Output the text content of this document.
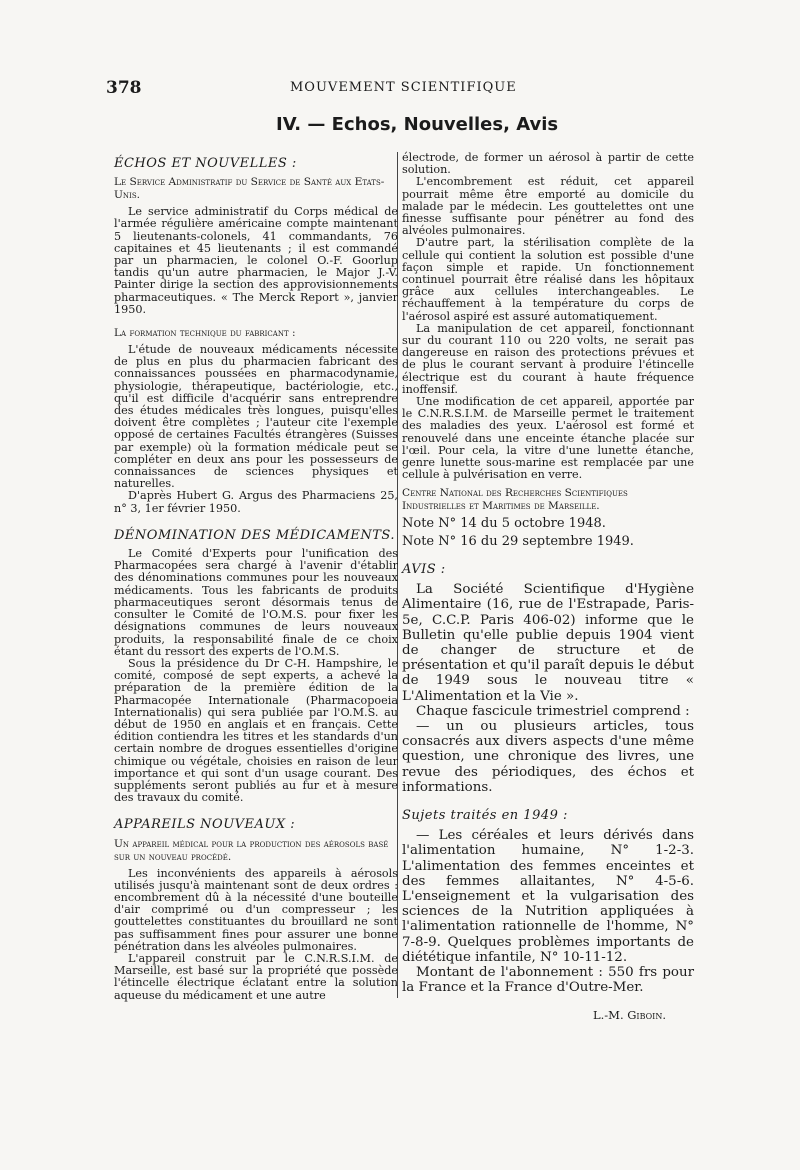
378	MOUVEMENT SCIENTIFIQUE
IV. — Echos, Nouvelles, Avis
ÉCHOS ET NOUVELLES :
Le Service Administratif du Service de Santé aux Etats-Unis.

Le service administratif du Corps médical de l'armée régulière américaine compte maintenant 5 lieutenants-colonels, 41 commandants, 76 capitaines et 45 lieutenants ; il est commandé par un pharmacien, le colonel O.-F. Goorlup tandis qu'un autre pharmacien, le Major J.-V. Painter dirige la section des approvisionnements pharmaceutiques. « The Merck Report », janvier 1950.

La formation technique du fabricant :

L'étude de nouveaux médicaments nécessite de plus en plus du pharmacien fabricant des connaissances poussées en pharmacodynamie, physiologie, thérapeutique, bactériologie, etc., qu'il est difficile d'acquérir sans entreprendre des études médicales très longues, puisqu'elles doivent être complètes ; l'auteur cite l'exemple opposé de certaines Facultés étrangères (Suisses par exemple) où la formation médicale peut se compléter en deux ans pour les possesseurs de connaissances de sciences physiques et naturelles.

D'après Hubert G. Argus des Pharmaciens 25, n° 3, 1er février 1950.

DÉNOMINATION DES MÉDICAMENTS.

Le Comité d'Experts pour l'unification des Pharmacopées sera chargé à l'avenir d'établir des dénominations communes pour les nouveaux médicaments. Tous les fabricants de produits pharmaceutiques seront désormais tenus de consulter le Comité de l'O.M.S. pour fixer les désignations communes de leurs nouveaux produits, la responsabilité finale de ce choix étant du ressort des experts de l'O.M.S.

Sous la présidence du Dr C-H. Hampshire, le comité, composé de sept experts, a achevé la préparation de la première édition de la Pharmacopée Internationale (Pharmacopoeia Internationalis) qui sera publiée par l'O.M.S. au début de 1950 en anglais et en français. Cette édition contiendra les titres et les standards d'un certain nombre de drogues essentielles d'origine chimique ou végétale, choisies en raison de leur importance et qui sont d'un usage courant. Des suppléments seront publiés au fur et à mesure des travaux du comité.

APPAREILS NOUVEAUX :
Un appareil médical pour la production des aérosols basé sur un nouveau procédé.

Les inconvénients des appareils à aérosols utilisés jusqu'à maintenant sont de deux ordres : encombrement dû à la nécessité d'une bouteille d'air comprimé ou d'un compresseur ; les gouttelettes constituantes du brouillard ne sont pas suffisamment fines pour assurer une bonne pénétration dans les alvéoles pulmonaires.

L'appareil construit par le C.N.R.S.I.M. de Marseille, est basé sur la propriété que possède l'étincelle électrique éclatant entre la solution aqueuse du médicament et une autre

électrode, de former un aérosol à partir de cette solution.

L'encombrement est réduit, cet appareil pourrait même être emporté au domicile du malade par le médecin. Les gouttelettes ont une finesse suffisante pour pénétrer au fond des alvéoles pulmonaires.

D'autre part, la stérilisation complète de la cellule qui contient la solution est possible d'une façon simple et rapide. Un fonctionnement continuel pourrait être réalisé dans les hôpitaux grâce aux cellules interchangeables. Le réchauffement à la température du corps de l'aérosol aspiré est assuré automatiquement.

La manipulation de cet appareil, fonctionnant sur du courant 110 ou 220 volts, ne serait pas dangereuse en raison des protections prévues et de plus le courant servant à produire l'étincelle électrique est du courant à haute fréquence inoffensif.

Une modification de cet appareil, apportée par le C.N.R.S.I.M. de Marseille permet le traitement des maladies des yeux. L'aérosol est formé et renouvelé dans une enceinte étanche placée sur l'œil. Pour cela, la vitre d'une lunette étanche, genre lunette sous-marine est remplacée par une cellule à pulvérisation en verre.

Centre National des Recherches Scientifiques Industrielles et Maritimes de Marseille.
Note N° 14 du 5 octobre 1948.
Note N° 16 du 29 septembre 1949.
AVIS :

La Société Scientifique d'Hygiène Alimentaire (16, rue de l'Estrapade, Paris-5e, C.C.P. Paris 406-02) informe que le Bulletin qu'elle publie depuis 1904 vient de changer de structure et de présentation et qu'il paraît depuis le début de 1949 sous le nouveau titre « L'Alimentation et la Vie ».

Chaque fascicule trimestriel comprend :

— un ou plusieurs articles, tous consacrés aux divers aspects d'une même question, une chronique des livres, une revue des périodiques, des échos et informations.

Sujets traités en 1949 :

— Les céréales et leurs dérivés dans l'alimentation humaine, N° 1-2-3. L'alimentation des femmes enceintes et des femmes allaitantes, N° 4-5-6. L'enseignement et la vulgarisation des sciences de la Nutrition appliquées à l'alimentation rationnelle de l'homme, N° 7-8-9. Quelques problèmes importants de diététique infantile, N° 10-11-12.

Montant de l'abonnement : 550 frs pour la France et la France d'Outre-Mer.

L.-M. Giboin.
